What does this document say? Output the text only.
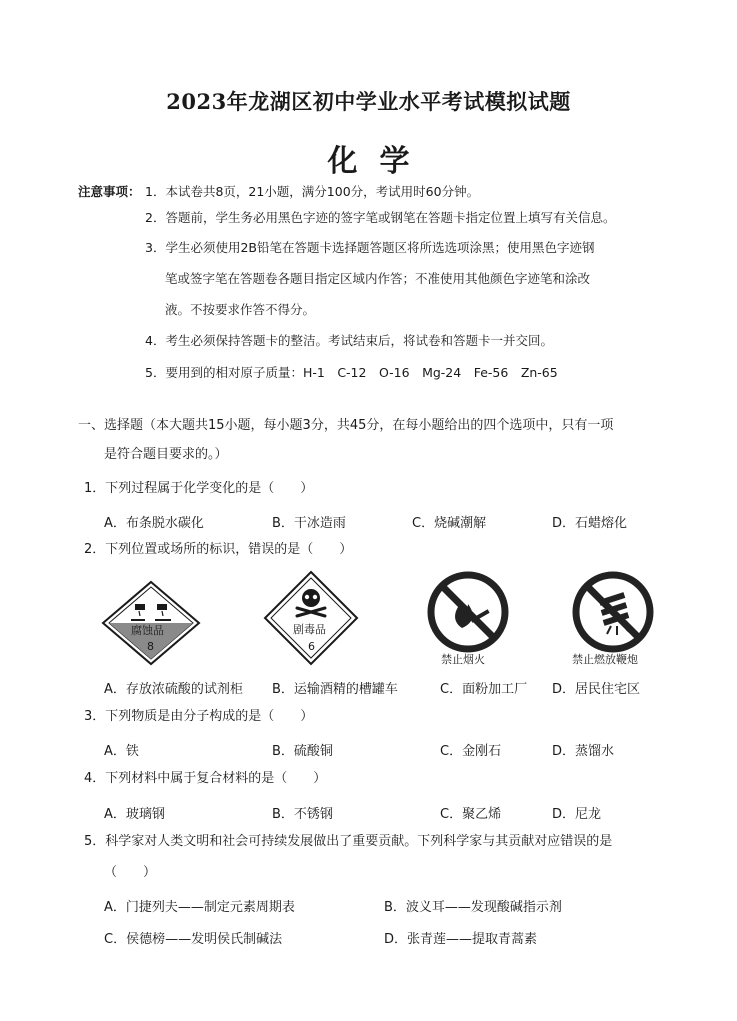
2023年龙湖区初中学业水平考试模拟试题
化学
注意事项： 1．本试卷共8页，21小题，满分100分，考试用时60分钟。
2．答题前，学生务必用黑色字迹的签字笔或钢笔在答题卡指定位置上填写有关信息。
3．学生必须使用2B铅笔在答题卡选择题答题区将所选选项涂黑；使用黑色字迹钢
笔或签字笔在答题卷各题目指定区域内作答；不准使用其他颜色字迹笔和涂改
液。不按要求作答不得分。
4．考生必须保持答题卡的整洁。考试结束后，将试卷和答题卡一并交回。
5．要用到的相对原子质量：H-1　C-12　O-16　Mg-24　Fe-56　Zn-65
一、选择题（本大题共15小题，每小题3分，共45分，在每小题给出的四个选项中，只有一项
是符合题目要求的。）
1．下列过程属于化学变化的是（　　）
A．布条脱水碳化	B．干冰造雨	C．烧碱潮解	D．石蜡熔化
2．下列位置或场所的标识，错误的是（　　）
腐蚀品
8
剧毒品
6
禁止烟火	禁止燃放鞭炮
A．存放浓硫酸的试剂柜 B．运输酒精的槽罐车	C．面粉加工厂 D．居民住宅区
3．下列物质是由分子构成的是（　　）
A．铁	B．硫酸铜	C．金刚石	D．蒸馏水
4．下列材料中属于复合材料的是（　　）
A．玻璃钢	B．不锈钢	C．聚乙烯	D．尼龙
5．科学家对人类文明和社会可持续发展做出了重要贡献。下列科学家与其贡献对应错误的是
（　　）
A．门捷列夫——制定元素周期表	B．波义耳——发现酸碱指示剂
C．侯德榜——发明侯氏制碱法	D．张青莲——提取青蒿素
